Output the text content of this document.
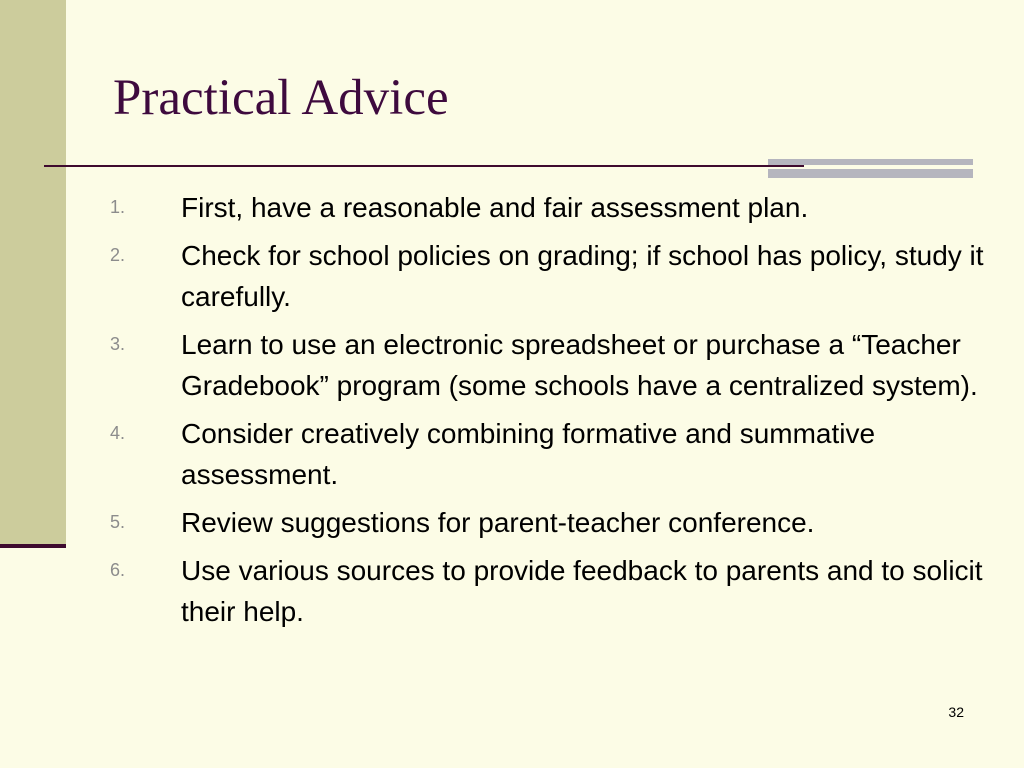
Practical Advice
1. First, have a reasonable and fair assessment plan.
2. Check for school policies on grading; if school has policy, study it carefully.
3. Learn to use an electronic spreadsheet or purchase a “Teacher Gradebook” program (some schools have a centralized system).
4. Consider creatively combining formative and summative assessment.
5. Review suggestions for parent-teacher conference.
6. Use various sources to provide feedback to parents and to solicit their help.
32
